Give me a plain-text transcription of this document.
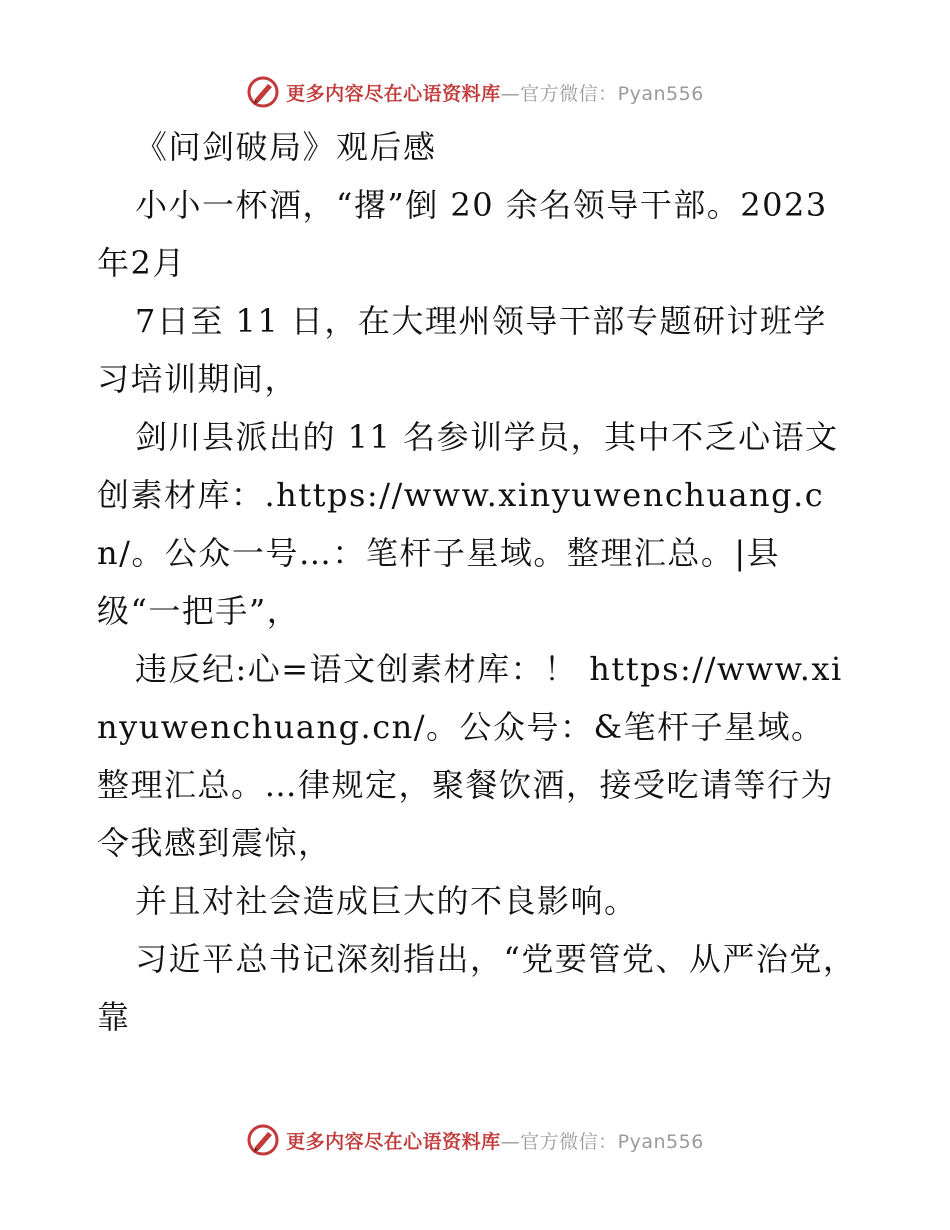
更多内容尽在心语资料库—官方微信：Pyan556

《问剑破局》观后感

小小一杯酒，“撂”倒 20 余名领导干部。2023年2月

7日至 11 日，在大理州领导干部专题研讨班学习培训期间，

剑川县派出的 11 名参训学员，其中不乏心语文创素材库：.https://www.xinyuwenchuang.cn/。公众一号…：笔杆子星域。整理汇总。|县级“一把手”，

违反纪:心=语文创素材库：！ https://www.xinyuwenchuang.cn/。公众号：&笔杆子星域。整理汇总。…律规定，聚餐饮酒，接受吃请等行为令我感到震惊，

并且对社会造成巨大的不良影响。

习近平总书记深刻指出，“党要管党、从严治党，靠

更多内容尽在心语资料库—官方微信：Pyan556
